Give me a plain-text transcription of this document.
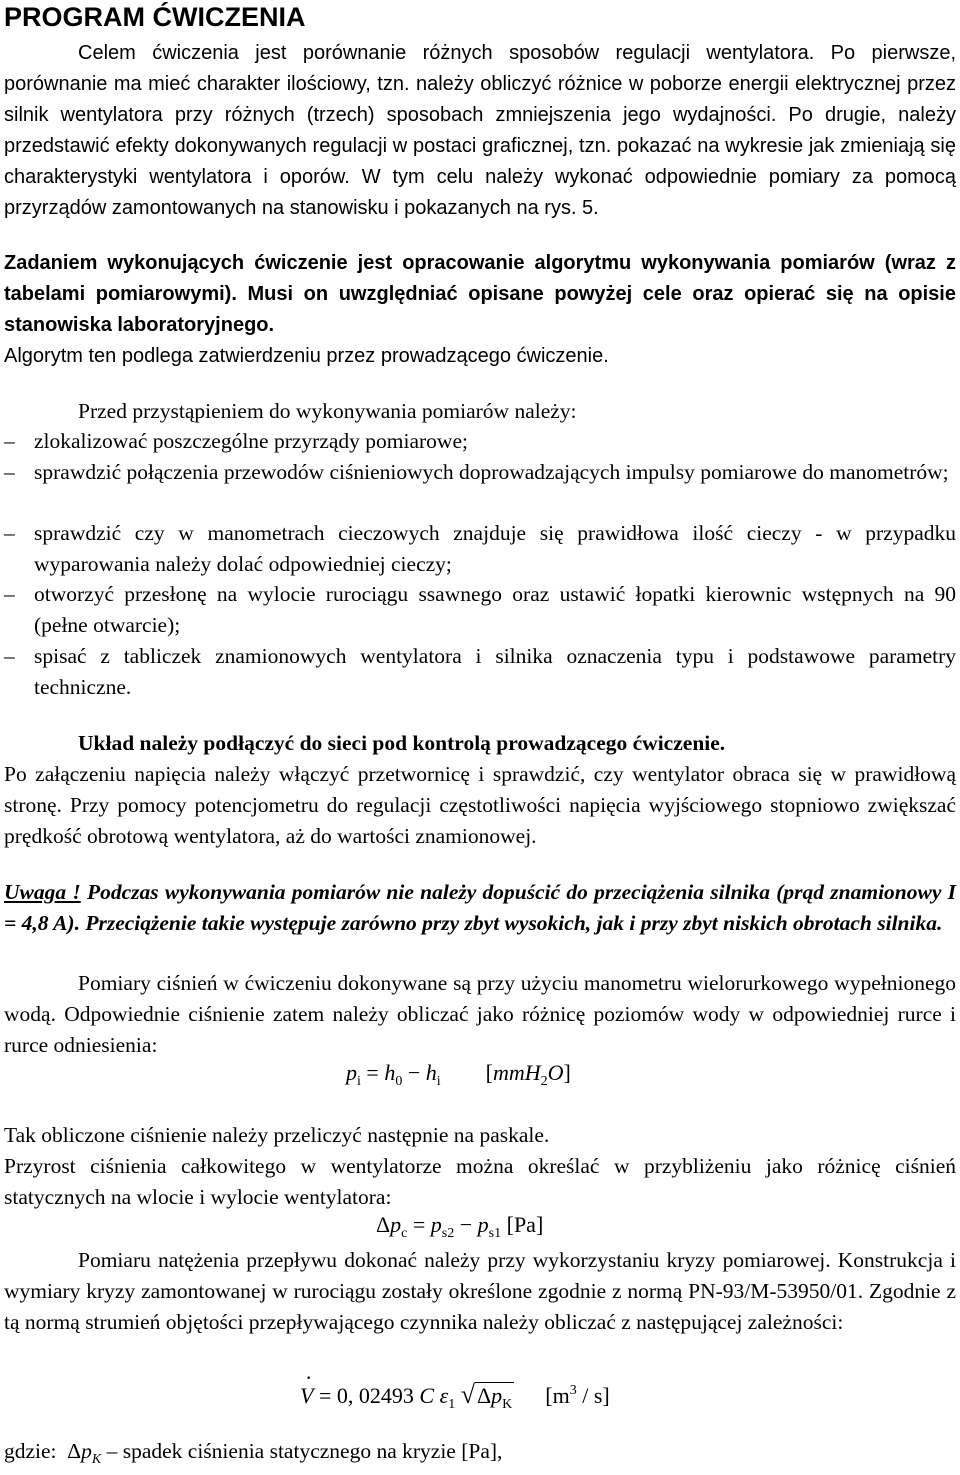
PROGRAM ĆWICZENIA

Celem ćwiczenia jest porównanie różnych sposobów regulacji wentylatora. Po pierwsze, porównanie ma mieć charakter ilościowy, tzn. należy obliczyć różnice w poborze energii elektrycznej przez silnik wentylatora przy różnych (trzech) sposobach zmniejszenia jego wydajności. Po drugie, należy przedstawić efekty dokonywanych regulacji w postaci graficznej, tzn. pokazać na wykresie jak zmieniają się charakterystyki wentylatora i oporów. W tym celu należy wykonać odpowiednie pomiary za pomocą przyrządów zamontowanych na stanowisku i pokazanych na rys. 5.

Zadaniem wykonujących ćwiczenie jest opracowanie algorytmu wykonywania pomiarów (wraz z tabelami pomiarowymi). Musi on uwzględniać opisane powyżej cele oraz opierać się na opisie stanowiska laboratoryjnego.

Algorytm ten podlega zatwierdzeniu przez prowadzącego ćwiczenie.

Przed przystąpieniem do wykonywania pomiarów należy:

– zlokalizować poszczególne przyrządy pomiarowe;
– sprawdzić połączenia przewodów ciśnieniowych doprowadzających impulsy pomiarowe do manometrów;
– sprawdzić czy w manometrach cieczowych znajduje się prawidłowa ilość cieczy - w przypadku wyparowania należy dolać odpowiedniej cieczy;
– otworzyć przesłonę na wylocie rurociągu ssawnego oraz ustawić łopatki kierownic wstępnych na 90 (pełne otwarcie);
– spisać z tabliczek znamionowych wentylatora i silnika oznaczenia typu i podstawowe parametry techniczne.

Układ należy podłączyć do sieci pod kontrolą prowadzącego ćwiczenie.

Po załączeniu napięcia należy włączyć przetwornicę i sprawdzić, czy wentylator obraca się w prawidłową stronę. Przy pomocy potencjometru do regulacji częstotliwości napięcia wyjściowego stopniowo zwiększać prędkość obrotową wentylatora, aż do wartości znamionowej.

Uwaga ! Podczas wykonywania pomiarów nie należy dopuścić do przeciążenia silnika (prąd znamionowy I = 4,8 A). Przeciążenie takie występuje zarówno przy zbyt wysokich, jak i przy zbyt niskich obrotach silnika.

Pomiary ciśnień w ćwiczeniu dokonywane są przy użyciu manometru wielorurkowego wypełnionego wodą. Odpowiednie ciśnienie zatem należy obliczać jako różnicę poziomów wody w odpowiedniej rurce i rurce odniesienia:

$p_i = h_0 - h_i$ [mmH$_2$O]

Tak obliczone ciśnienie należy przeliczyć następnie na paskale.

Przyrost ciśnienia całkowitego w wentylatorze można określać w przybliżeniu jako różnicę ciśnień statycznych na wlocie i wylocie wentylatora:

$\Delta p_c = p_{s2} - p_{s1}$ [Pa]

Pomiaru natężenia przepływu dokonać należy przy wykorzystaniu kryzy pomiarowej. Konstrukcja i wymiary kryzy zamontowanej w rurociągu zostały określone zgodnie z normą PN-93/M-53950/01. Zgodnie z tą normą strumień objętości przepływającego czynnika należy obliczać z następującej zależności:

V
·
= 0, 02493 C $\varepsilon_1$ $√\Delta p_K$ $[m^3 / s]$

gdzie: $\Delta p_K$ – spadek ciśnienia statycznego na kryzie [Pa],
